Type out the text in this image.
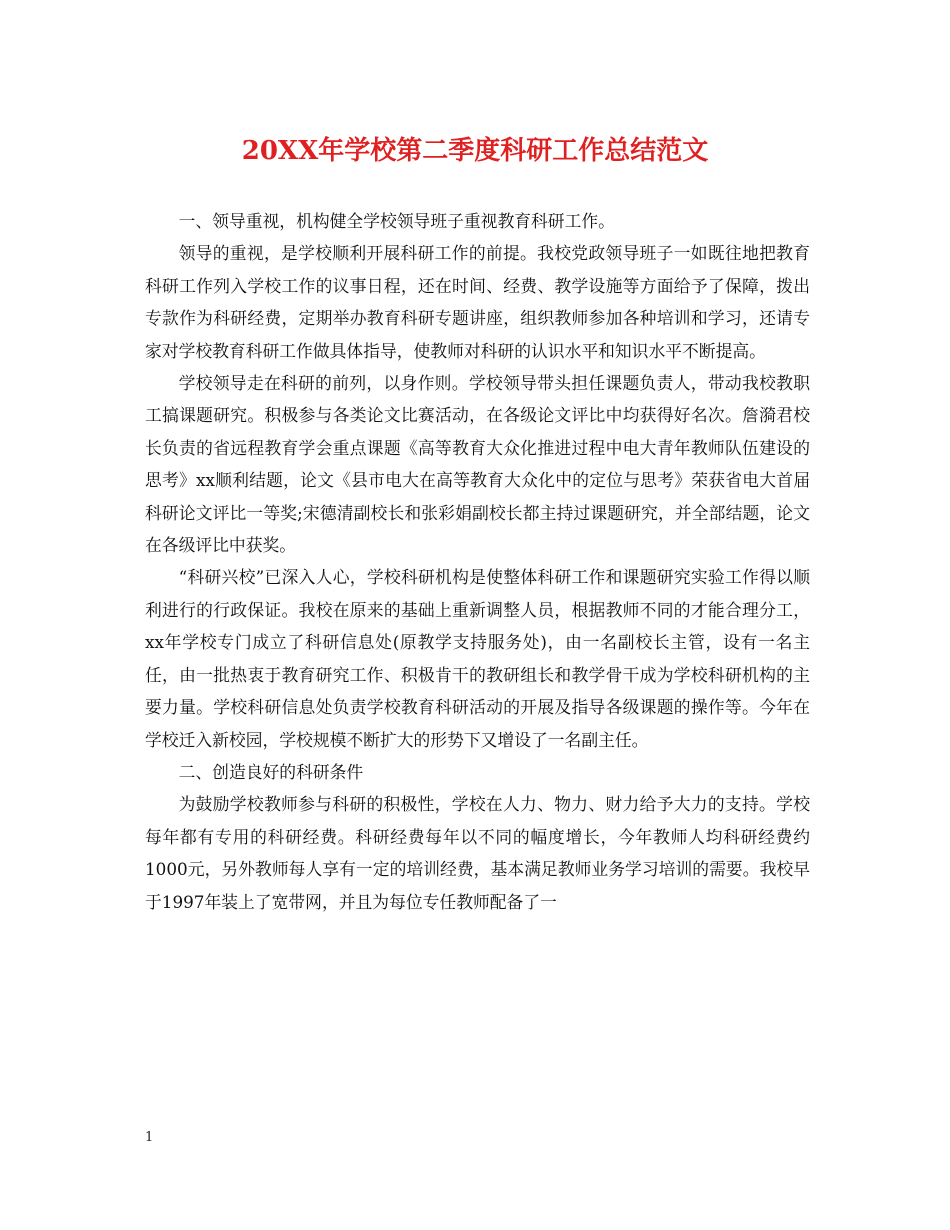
20XX年学校第二季度科研工作总结范文

一、领导重视，机构健全学校领导班子重视教育科研工作。

领导的重视，是学校顺利开展科研工作的前提。我校党政领导班子一如既往地把教育科研工作列入学校工作的议事日程，还在时间、经费、教学设施等方面给予了保障，拨出专款作为科研经费，定期举办教育科研专题讲座，组织教师参加各种培训和学习，还请专家对学校教育科研工作做具体指导，使教师对科研的认识水平和知识水平不断提高。

学校领导走在科研的前列，以身作则。学校领导带头担任课题负责人，带动我校教职工搞课题研究。积极参与各类论文比赛活动，在各级论文评比中均获得好名次。詹漪君校长负责的省远程教育学会重点课题《高等教育大众化推进过程中电大青年教师队伍建设的思考》xx顺利结题，论文《县市电大在高等教育大众化中的定位与思考》荣获省电大首届科研论文评比一等奖;宋德清副校长和张彩娟副校长都主持过课题研究，并全部结题，论文在各级评比中获奖。

“科研兴校”已深入人心，学校科研机构是使整体科研工作和课题研究实验工作得以顺利进行的行政保证。我校在原来的基础上重新调整人员，根据教师不同的才能合理分工，xx年学校专门成立了科研信息处(原教学支持服务处)，由一名副校长主管，设有一名主任，由一批热衷于教育研究工作、积极肯干的教研组长和教学骨干成为学校科研机构的主要力量。学校科研信息处负责学校教育科研活动的开展及指导各级课题的操作等。今年在学校迁入新校园，学校规模不断扩大的形势下又增设了一名副主任。

二、创造良好的科研条件

为鼓励学校教师参与科研的积极性，学校在人力、物力、财力给予大力的支持。学校每年都有专用的科研经费。科研经费每年以不同的幅度增长，今年教师人均科研经费约1000元，另外教师每人享有一定的培训经费，基本满足教师业务学习培训的需要。我校早于1997年装上了宽带网，并且为每位专任教师配备了一

1
